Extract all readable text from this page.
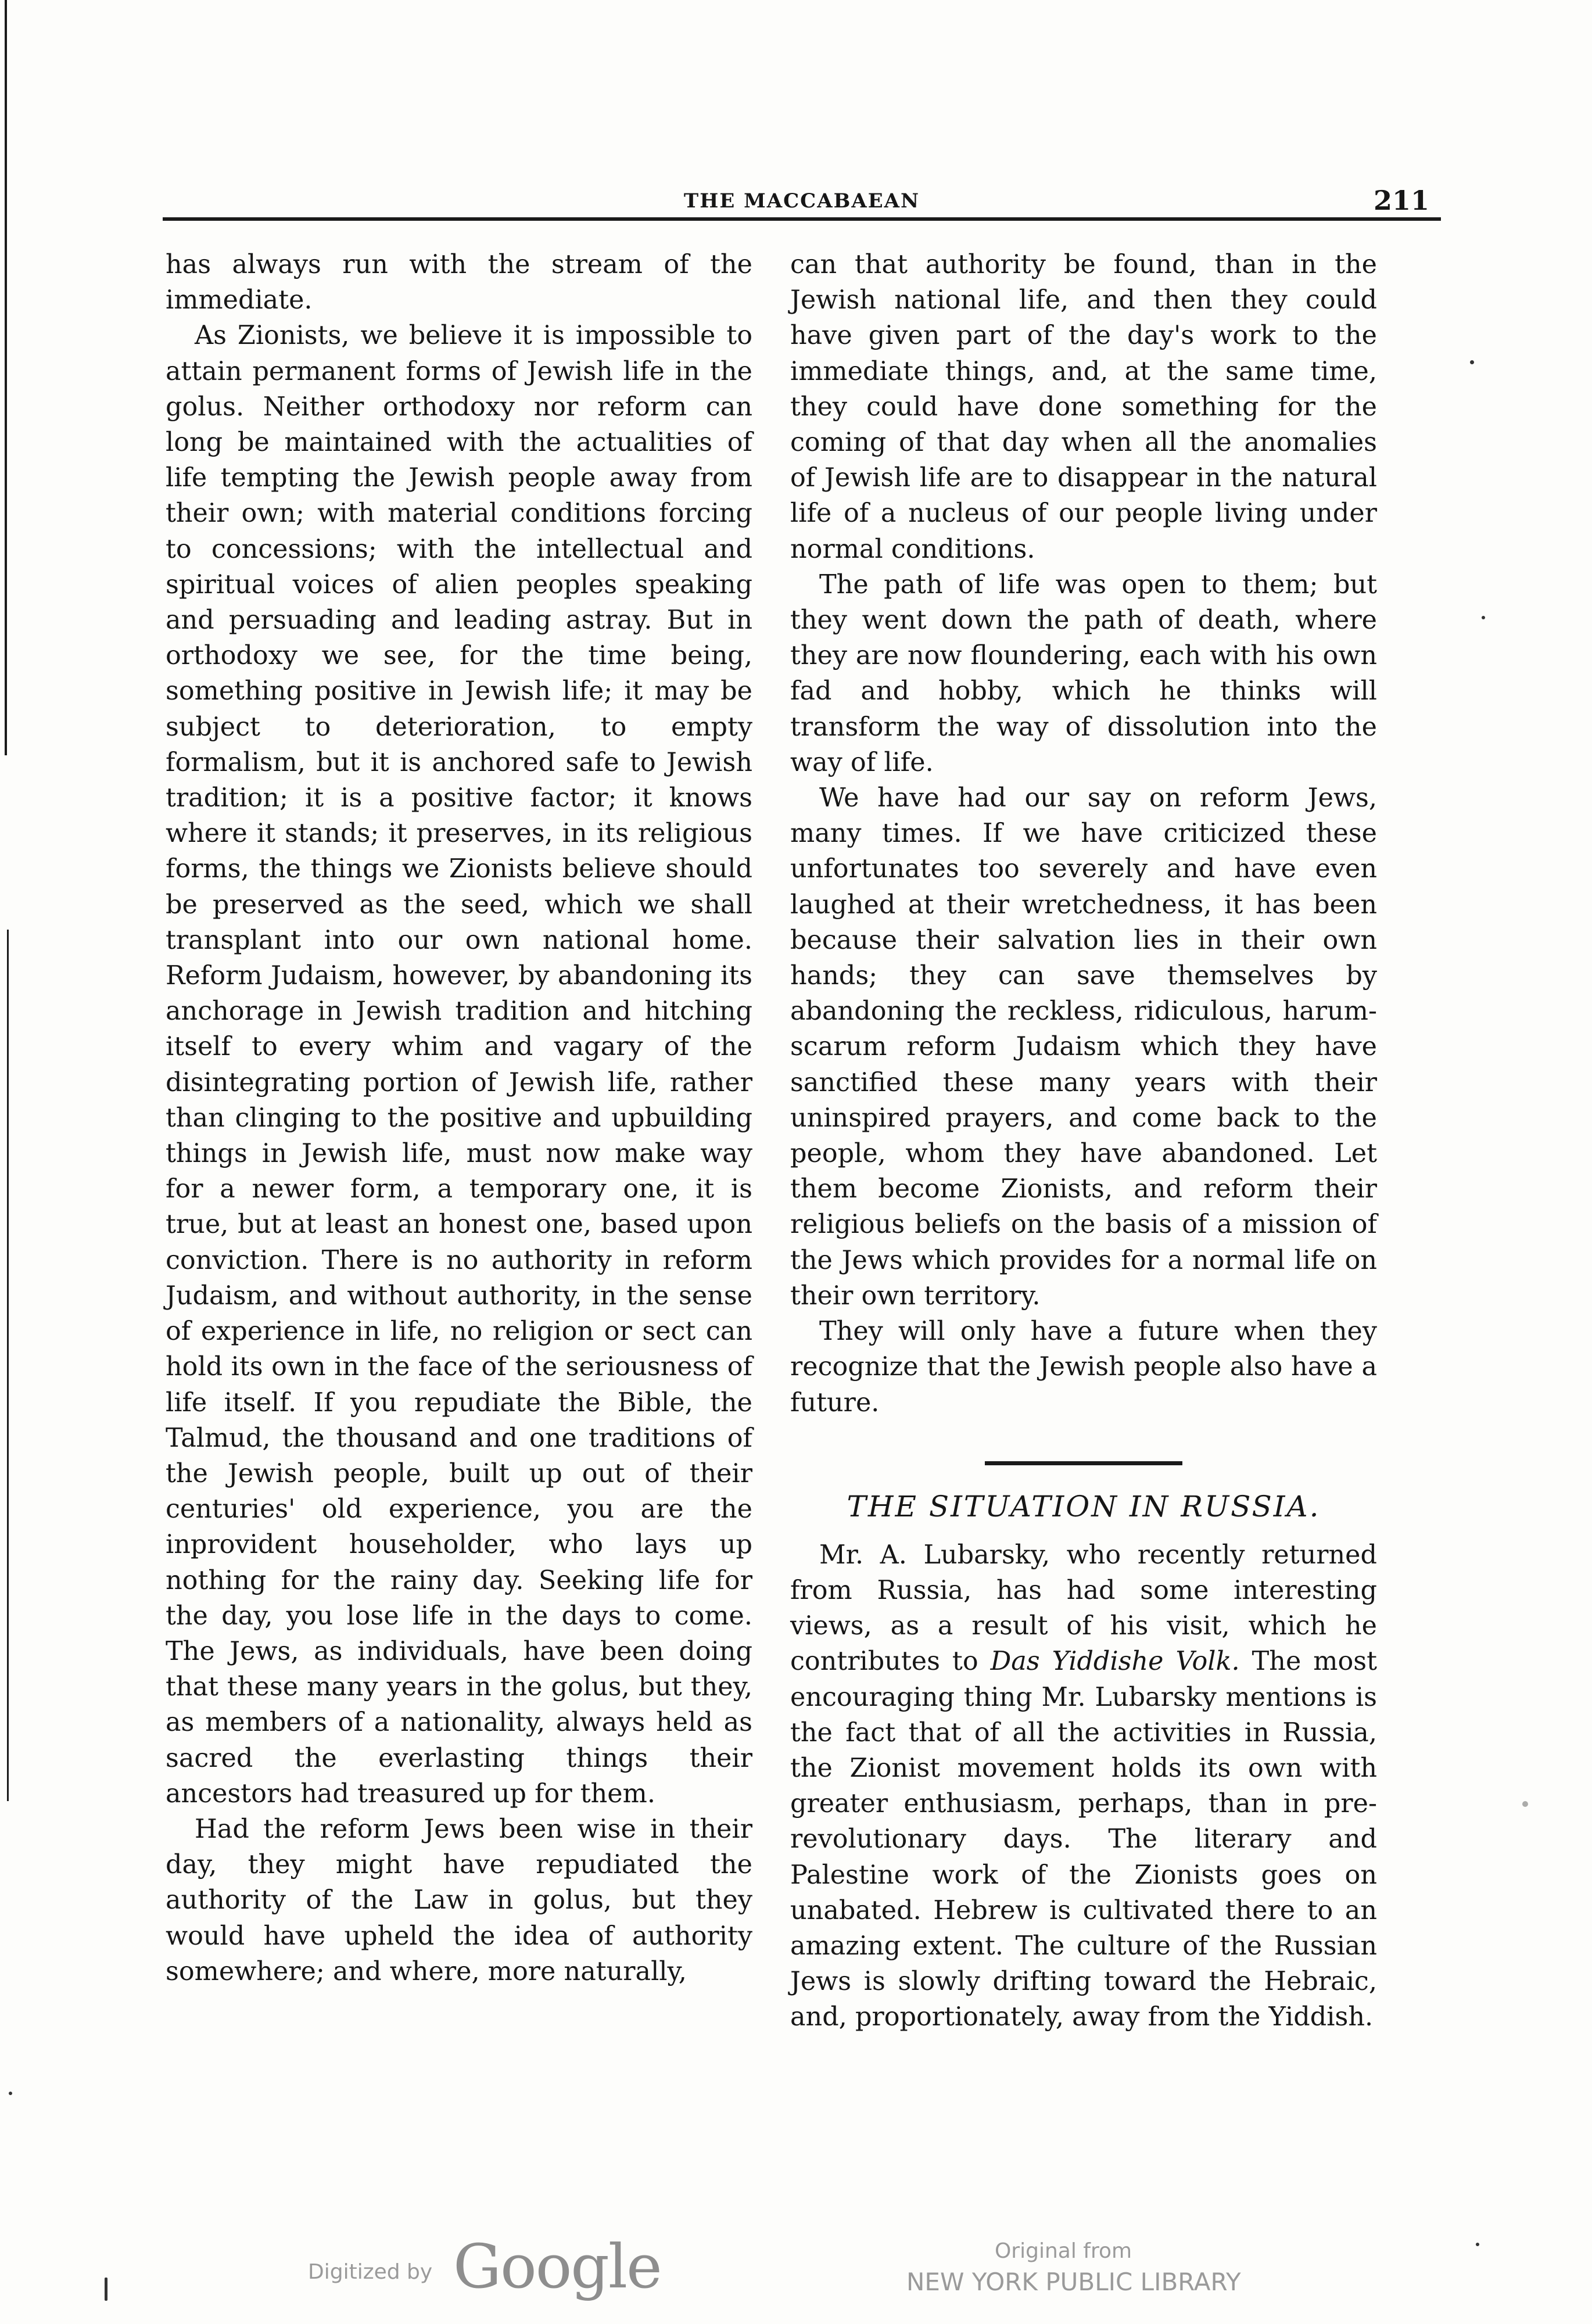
THE MACCABAEAN	211

has always run with the stream of the immediate.

As Zionists, we believe it is impossible to attain permanent forms of Jewish life in the golus. Neither orthodoxy nor reform can long be maintained with the actualities of life tempting the Jewish people away from their own; with material conditions forcing to concessions; with the intellectual and spiritual voices of alien peoples speaking and persuading and leading astray. But in orthodoxy we see, for the time being, something positive in Jewish life; it may be subject to deterioration, to empty formalism, but it is anchored safe to Jewish tradition; it is a positive factor; it knows where it stands; it preserves, in its religious forms, the things we Zionists believe should be preserved as the seed, which we shall transplant into our own national home. Reform Judaism, however, by abandoning its anchorage in Jewish tradition and hitching itself to every whim and vagary of the disintegrating portion of Jewish life, rather than clinging to the positive and upbuilding things in Jewish life, must now make way for a newer form, a temporary one, it is true, but at least an honest one, based upon conviction. There is no authority in reform Judaism, and without authority, in the sense of experience in life, no religion or sect can hold its own in the face of the seriousness of life itself. If you repudiate the Bible, the Talmud, the thousand and one traditions of the Jewish people, built up out of their centuries' old experience, you are the inprovident householder, who lays up nothing for the rainy day. Seeking life for the day, you lose life in the days to come. The Jews, as individuals, have been doing that these many years in the golus, but they, as members of a nationality, always held as sacred the everlasting things their ancestors had treasured up for them.

Had the reform Jews been wise in their day, they might have repudiated the authority of the Law in golus, but they would have upheld the idea of authority somewhere; and where, more naturally,

can that authority be found, than in the Jewish national life, and then they could have given part of the day's work to the immediate things, and, at the same time, they could have done something for the coming of that day when all the anomalies of Jewish life are to disappear in the natural life of a nucleus of our people living under normal conditions.

The path of life was open to them; but they went down the path of death, where they are now floundering, each with his own fad and hobby, which he thinks will transform the way of dissolution into the way of life.

We have had our say on reform Jews, many times. If we have criticized these unfortunates too severely and have even laughed at their wretchedness, it has been because their salvation lies in their own hands; they can save themselves by abandoning the reckless, ridiculous, harum-scarum reform Judaism which they have sanctified these many years with their uninspired prayers, and come back to the people, whom they have abandoned. Let them become Zionists, and reform their religious beliefs on the basis of a mission of the Jews which provides for a normal life on their own territory.

They will only have a future when they recognize that the Jewish people also have a future.

THE SITUATION IN RUSSIA.

Mr. A. Lubarsky, who recently returned from Russia, has had some interesting views, as a result of his visit, which he contributes to Das Yiddishe Volk. The most encouraging thing Mr. Lubarsky mentions is the fact that of all the activities in Russia, the Zionist movement holds its own with greater enthusiasm, perhaps, than in pre-revolutionary days. The literary and Palestine work of the Zionists goes on unabated. Hebrew is cultivated there to an amazing extent. The culture of the Russian Jews is slowly drifting toward the Hebraic, and, proportionately, away from the Yiddish.

Digitized by Google	Original from
NEW YORK PUBLIC LIBRARY
